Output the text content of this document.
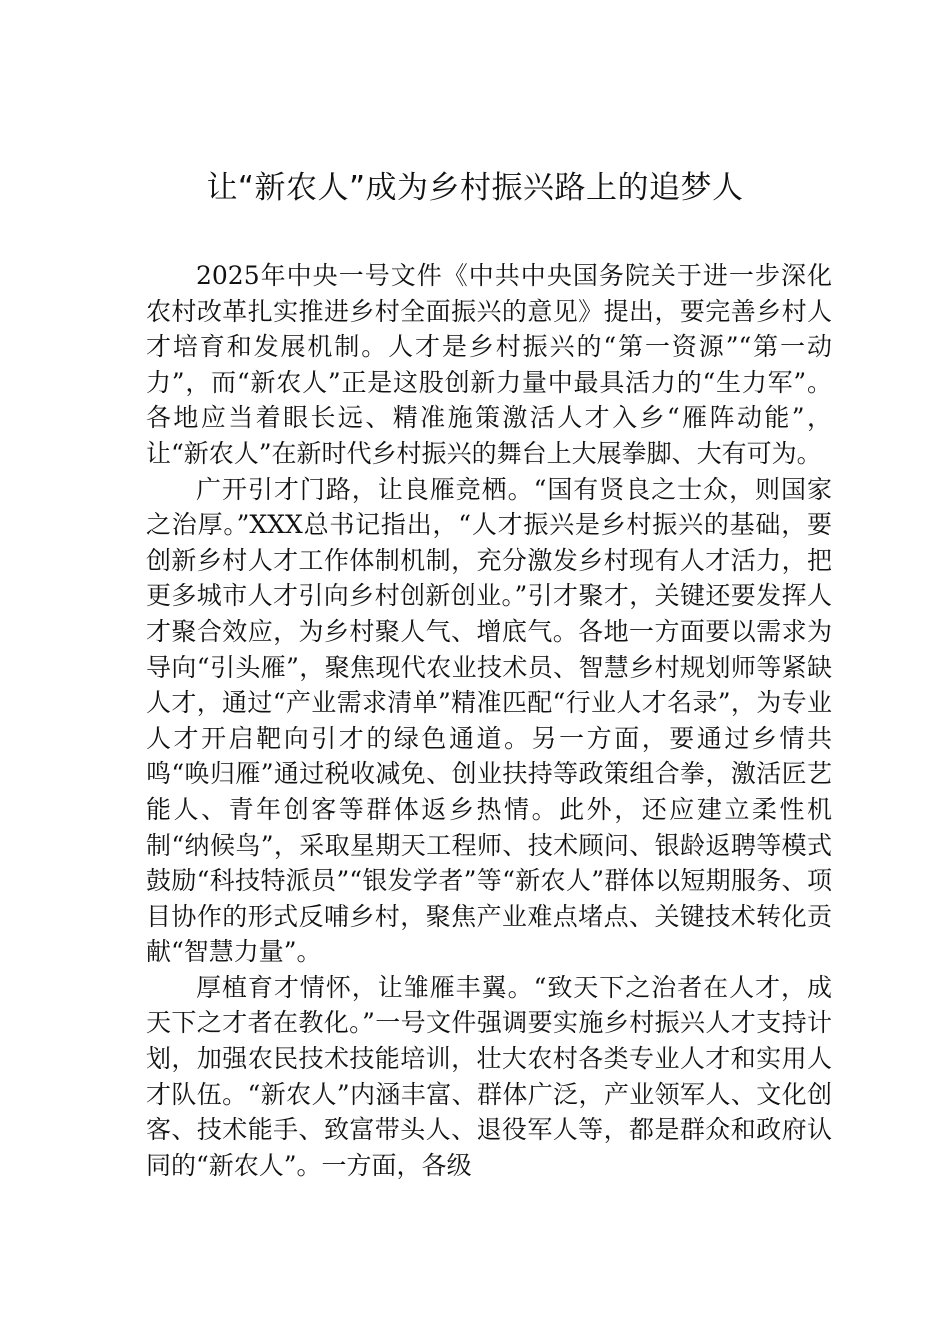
让“新农人”成为乡村振兴路上的追梦人

2025年中央一号文件《中共中央国务院关于进一步深化农村改革扎实推进乡村全面振兴的意见》提出，要完善乡村人才培育和发展机制。人才是乡村振兴的“第一资源”“第一动力”，而“新农人”正是这股创新力量中最具活力的“生力军”。各地应当着眼长远、精准施策激活人才入乡“雁阵动能”，让“新农人”在新时代乡村振兴的舞台上大展拳脚、大有可为。

广开引才门路，让良雁竞栖。“国有贤良之士众，则国家之治厚。”XXX总书记指出，“人才振兴是乡村振兴的基础，要创新乡村人才工作体制机制，充分激发乡村现有人才活力，把更多城市人才引向乡村创新创业。”引才聚才，关键还要发挥人才聚合效应，为乡村聚人气、增底气。各地一方面要以需求为导向“引头雁”，聚焦现代农业技术员、智慧乡村规划师等紧缺人才，通过“产业需求清单”精准匹配“行业人才名录”，为专业人才开启靶向引才的绿色通道。另一方面，要通过乡情共鸣“唤归雁”通过税收减免、创业扶持等政策组合拳，激活匠艺能人、青年创客等群体返乡热情。此外，还应建立柔性机制“纳候鸟”，采取星期天工程师、技术顾问、银龄返聘等模式鼓励“科技特派员”“银发学者”等“新农人”群体以短期服务、项目协作的形式反哺乡村，聚焦产业难点堵点、关键技术转化贡献“智慧力量”。

厚植育才情怀，让雏雁丰翼。“致天下之治者在人才，成天下之才者在教化。”一号文件强调要实施乡村振兴人才支持计划，加强农民技术技能培训，壮大农村各类专业人才和实用人才队伍。“新农人”内涵丰富、群体广泛，产业领军人、文化创客、技术能手、致富带头人、退役军人等，都是群众和政府认同的“新农人”。一方面，各级
